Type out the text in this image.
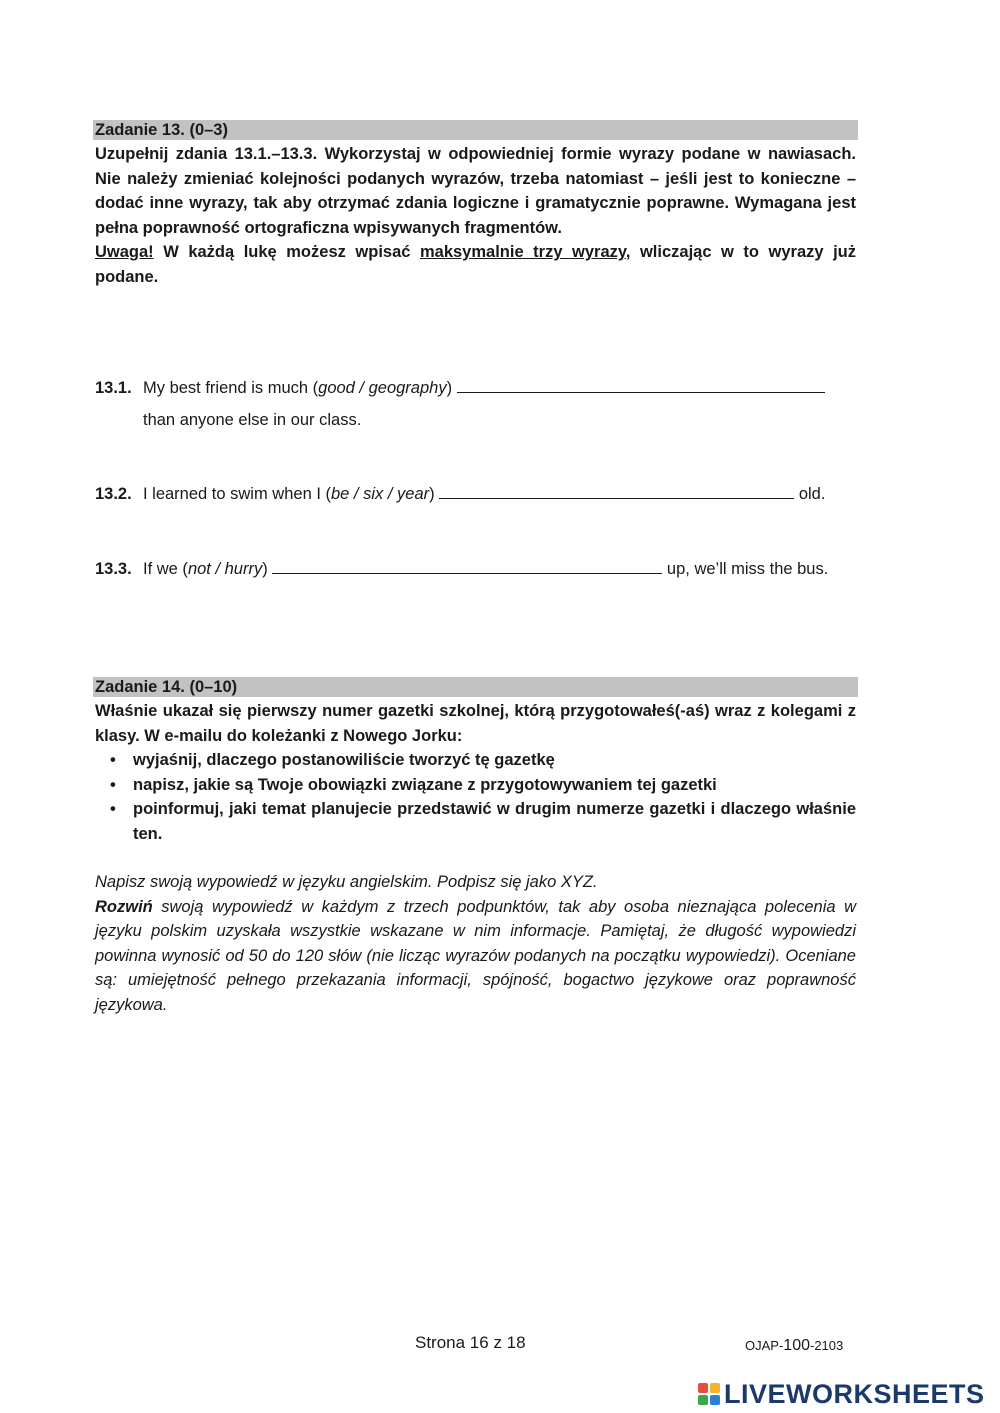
Zadanie 13. (0–3)
Uzupełnij zdania 13.1.–13.3. Wykorzystaj w odpowiedniej formie wyrazy podane w nawiasach. Nie należy zmieniać kolejności podanych wyrazów, trzeba natomiast – jeśli jest to konieczne – dodać inne wyrazy, tak aby otrzymać zdania logiczne i gramatycznie poprawne. Wymagana jest pełna poprawność ortograficzna wpisywanych fragmentów.
Uwaga! W każdą lukę możesz wpisać maksymalnie trzy wyrazy, wliczając w to wyrazy już podane.
13.1. My best friend is much (good / geography)
than anyone else in our class.
13.2. I learned to swim when I (be / six / year)	old.
13.3. If we (not / hurry)	up, we’ll miss the bus.
Zadanie 14. (0–10)
Właśnie ukazał się pierwszy numer gazetki szkolnej, którą przygotowałeś(-aś) wraz z kolegami z klasy. W e-mailu do koleżanki z Nowego Jorku:
• wyjaśnij, dlaczego postanowiliście tworzyć tę gazetkę
• napisz, jakie są Twoje obowiązki związane z przygotowywaniem tej gazetki
• poinformuj, jaki temat planujecie przedstawić w drugim numerze gazetki i dlaczego właśnie ten.
Napisz swoją wypowiedź w języku angielskim. Podpisz się jako XYZ.
Rozwiń swoją wypowiedź w każdym z trzech podpunktów, tak aby osoba nieznająca polecenia w języku polskim uzyskała wszystkie wskazane w nim informacje. Pamiętaj, że długość wypowiedzi powinna wynosić od 50 do 120 słów (nie licząc wyrazów podanych na początku wypowiedzi). Oceniane są: umiejętność pełnego przekazania informacji, spójność, bogactwo językowe oraz poprawność językowa.
Strona 16 z 18	OJAP-100-2103
LIVEWORKSHEETS
